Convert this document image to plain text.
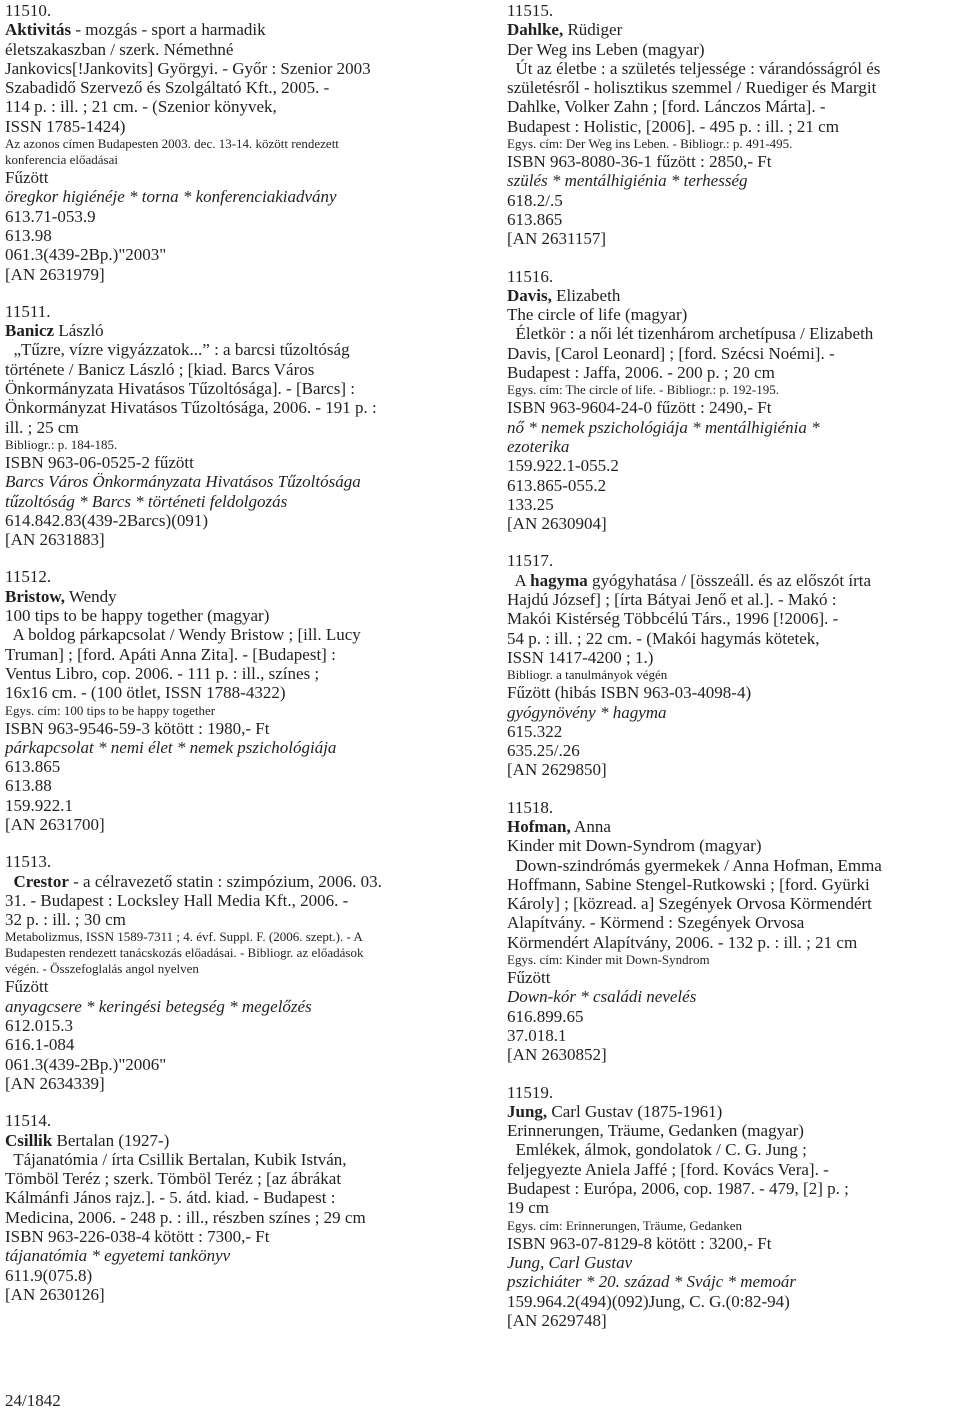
11510.
Aktivitás - mozgás - sport a harmadik
életszakaszban / szerk. Némethné
Jankovics[!Jankovits] Györgyi. - Győr : Szenior 2003
Szabadidő Szervező és Szolgáltató Kft., 2005. -
114 p. : ill. ; 21 cm. - (Szenior könyvek,
ISSN 1785-1424)
Az azonos címen Budapesten 2003. dec. 13-14. között rendezett
konferencia előadásai
Fűzött
öregkor higiénéje * torna * konferenciakiadvány
613.71-053.9
613.98
061.3(439-2Bp.)"2003"
[AN 2631979]
11511.
Banicz László
„Tűzre, vízre vigyázzatok...” : a barcsi tűzoltóság
története / Banicz László ; [kiad. Barcs Város
Önkormányzata Hivatásos Tűzoltósága]. - [Barcs] :
Önkormányzat Hivatásos Tűzoltósága, 2006. - 191 p. :
ill. ; 25 cm
Bibliogr.: p. 184-185.
ISBN 963-06-0525-2 fűzött
Barcs Város Önkormányzata Hivatásos Tűzoltósága
tűzoltóság * Barcs * történeti feldolgozás
614.842.83(439-2Barcs)(091)
[AN 2631883]
11512.
Bristow, Wendy
100 tips to be happy together (magyar)
A boldog párkapcsolat / Wendy Bristow ; [ill. Lucy
Truman] ; [ford. Apáti Anna Zita]. - [Budapest] :
Ventus Libro, cop. 2006. - 111 p. : ill., színes ;
16x16 cm. - (100 ötlet, ISSN 1788-4322)
Egys. cím: 100 tips to be happy together
ISBN 963-9546-59-3 kötött : 1980,- Ft
párkapcsolat * nemi élet * nemek pszichológiája
613.865
613.88
159.922.1
[AN 2631700]
11513.
Crestor - a célravezető statin : szimpózium, 2006. 03.
31. - Budapest : Locksley Hall Media Kft., 2006. -
32 p. : ill. ; 30 cm
Metabolizmus, ISSN 1589-7311 ; 4. évf. Suppl. F. (2006. szept.). - A
Budapesten rendezett tanácskozás előadásai. - Bibliogr. az előadások
végén. - Összefoglalás angol nyelven
Fűzött
anyagcsere * keringési betegség * megelőzés
612.015.3
616.1-084
061.3(439-2Bp.)"2006"
[AN 2634339]
11514.
Csillik Bertalan (1927-)
Tájanatómia / írta Csillik Bertalan, Kubik István,
Tömböl Teréz ; szerk. Tömböl Teréz ; [az ábrákat
Kálmánfi János rajz.]. - 5. átd. kiad. - Budapest :
Medicina, 2006. - 248 p. : ill., részben színes ; 29 cm
ISBN 963-226-038-4 kötött : 7300,- Ft
tájanatómia * egyetemi tankönyv
611.9(075.8)
[AN 2630126]
11515.
Dahlke, Rüdiger
Der Weg ins Leben (magyar)
Út az életbe : a születés teljessége : várandósságról és
születésről - holisztikus szemmel / Ruediger és Margit
Dahlke, Volker Zahn ; [ford. Lánczos Márta]. -
Budapest : Holistic, [2006]. - 495 p. : ill. ; 21 cm
Egys. cím: Der Weg ins Leben. - Bibliogr.: p. 491-495.
ISBN 963-8080-36-1 fűzött : 2850,- Ft
szülés * mentálhigiénia * terhesség
618.2/.5
613.865
[AN 2631157]
11516.
Davis, Elizabeth
The circle of life (magyar)
Életkör : a női lét tizenhárom archetípusa / Elizabeth
Davis, [Carol Leonard] ; [ford. Szécsi Noémi]. -
Budapest : Jaffa, 2006. - 200 p. ; 20 cm
Egys. cím: The circle of life. - Bibliogr.: p. 192-195.
ISBN 963-9604-24-0 fűzött : 2490,- Ft
nő * nemek pszichológiája * mentálhigiénia *
ezoterika
159.922.1-055.2
613.865-055.2
133.25
[AN 2630904]
11517.
A hagyma gyógyhatása / [összeáll. és az előszót írta
Hajdú József] ; [írta Bátyai Jenő et al.]. - Makó :
Makói Kistérség Többcélú Társ., 1996 [!2006]. -
54 p. : ill. ; 22 cm. - (Makói hagymás kötetek,
ISSN 1417-4200 ; 1.)
Bibliogr. a tanulmányok végén
Fűzött (hibás ISBN 963-03-4098-4)
gyógynövény * hagyma
615.322
635.25/.26
[AN 2629850]
11518.
Hofman, Anna
Kinder mit Down-Syndrom (magyar)
Down-szindrómás gyermekek / Anna Hofman, Emma
Hoffmann, Sabine Stengel-Rutkowski ; [ford. Gyürki
Károly] ; [közread. a] Szegények Orvosa Körmendért
Alapítvány. - Körmend : Szegények Orvosa
Körmendért Alapítvány, 2006. - 132 p. : ill. ; 21 cm
Egys. cím: Kinder mit Down-Syndrom
Fűzött
Down-kór * családi nevelés
616.899.65
37.018.1
[AN 2630852]
11519.
Jung, Carl Gustav (1875-1961)
Erinnerungen, Träume, Gedanken (magyar)
Emlékek, álmok, gondolatok / C. G. Jung ;
feljegyezte Aniela Jaffé ; [ford. Kovács Vera]. -
Budapest : Európa, 2006, cop. 1987. - 479, [2] p. ;
19 cm
Egys. cím: Erinnerungen, Träume, Gedanken
ISBN 963-07-8129-8 kötött : 3200,- Ft
Jung, Carl Gustav
pszichiáter * 20. század * Svájc * memoár
159.964.2(494)(092)Jung, C. G.(0:82-94)
[AN 2629748]
24/1842
